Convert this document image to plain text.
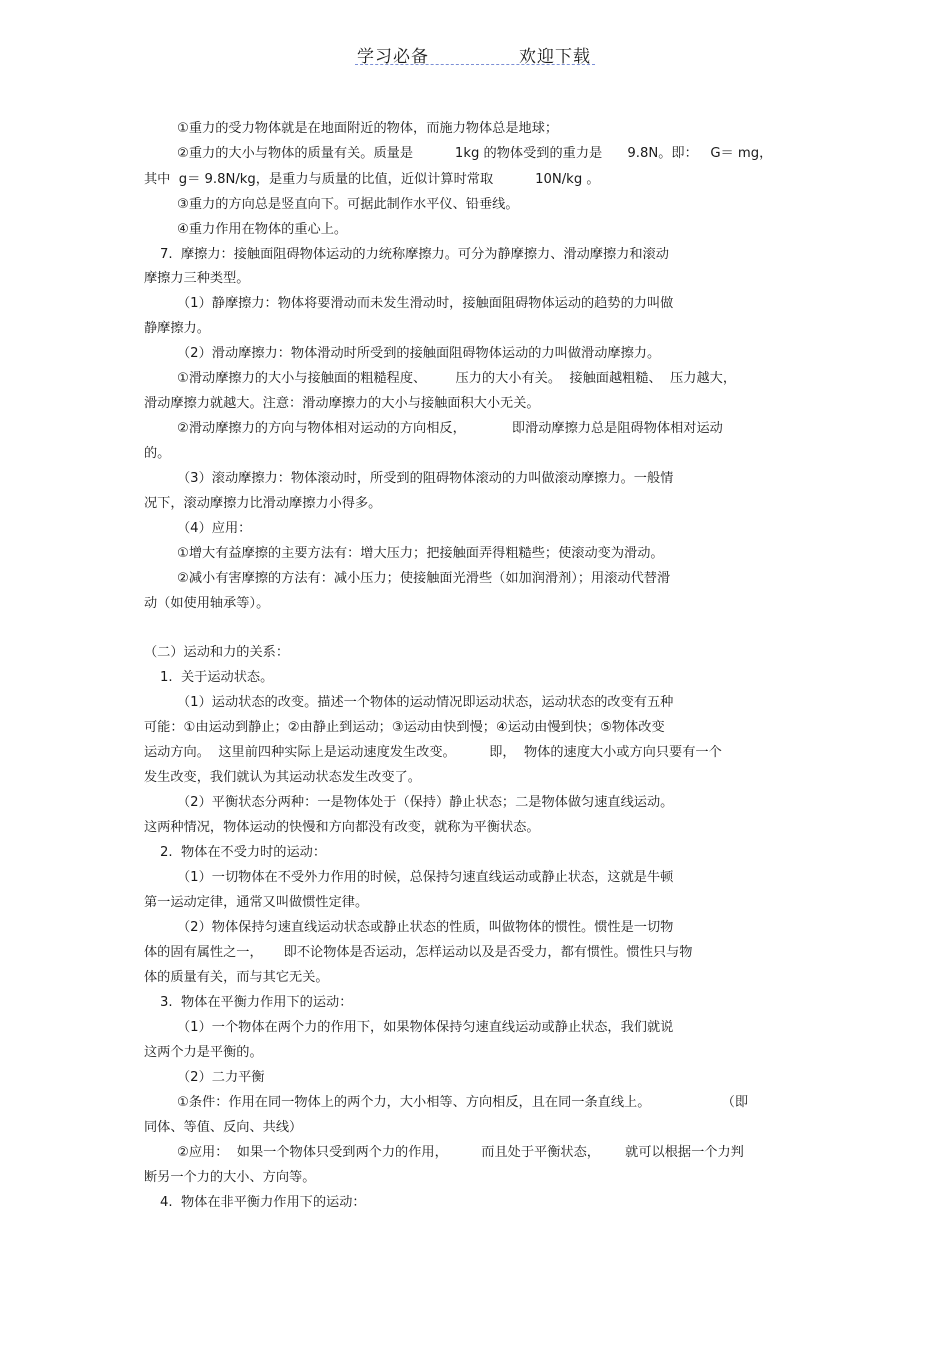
学习必备	欢迎下载
①重力的受力物体就是在地面附近的物体，而施力物体总是地球；
②重力的大小与物体的质量有关。质量是          1kg 的物体受到的重力是      9.8N。即：   G＝ mg，
其中  g＝ 9.8N/kg，是重力与质量的比值，近似计算时常取          10N/kg 。
③重力的方向总是竖直向下。可据此制作水平仪、铅垂线。
④重力作用在物体的重心上。
7.  摩擦力：接触面阻碍物体运动的力统称摩擦力。可分为静摩擦力、滑动摩擦力和滚动
摩擦力三种类型。
（1）静摩擦力：物体将要滑动而未发生滑动时，接触面阻碍物体运动的趋势的力叫做
静摩擦力。
（2）滑动摩擦力：物体滑动时所受到的接触面阻碍物体运动的力叫做滑动摩擦力。
①滑动摩擦力的大小与接触面的粗糙程度、       压力的大小有关。  接触面越粗糙、  压力越大，
滑动摩擦力就越大。注意：滑动摩擦力的大小与接触面积大小无关。
②滑动摩擦力的方向与物体相对运动的方向相反，           即滑动摩擦力总是阻碍物体相对运动
的。
（3）滚动摩擦力：物体滚动时，所受到的阻碍物体滚动的力叫做滚动摩擦力。一般情
况下，滚动摩擦力比滑动摩擦力小得多。
（4）应用：
①增大有益摩擦的主要方法有：增大压力；把接触面弄得粗糙些；使滚动变为滑动。
②减小有害摩擦的方法有：减小压力；使接触面光滑些（如加润滑剂）；用滚动代替滑
动（如使用轴承等）。
（二）运动和力的关系：
1.  关于运动状态。
（1）运动状态的改变。描述一个物体的运动情况即运动状态，运动状态的改变有五种
可能：①由运动到静止；②由静止到运动；③运动由快到慢；④运动由慢到快；⑤物体改变
运动方向。  这里前四种实际上是运动速度发生改变。        即，  物体的速度大小或方向只要有一个
发生改变，我们就认为其运动状态发生改变了。
（2）平衡状态分两种：一是物体处于（保持）静止状态；二是物体做匀速直线运动。
这两种情况，物体运动的快慢和方向都没有改变，就称为平衡状态。
2.  物体在不受力时的运动：
（1）一切物体在不受外力作用的时候，总保持匀速直线运动或静止状态，这就是牛顿
第一运动定律，通常又叫做惯性定律。
（2）物体保持匀速直线运动状态或静止状态的性质，叫做物体的惯性。惯性是一切物
体的固有属性之一，     即不论物体是否运动，怎样运动以及是否受力，都有惯性。惯性只与物
体的质量有关，而与其它无关。
3.  物体在平衡力作用下的运动：
（1）一个物体在两个力的作用下，如果物体保持匀速直线运动或静止状态，我们就说
这两个力是平衡的。
（2）二力平衡
①条件：作用在同一物体上的两个力，大小相等、方向相反，且在同一条直线上。                 （即
同体、等值、反向、共线）
②应用：  如果一个物体只受到两个力的作用，        而且处于平衡状态，      就可以根据一个力判
断另一个力的大小、方向等。
4.  物体在非平衡力作用下的运动：
